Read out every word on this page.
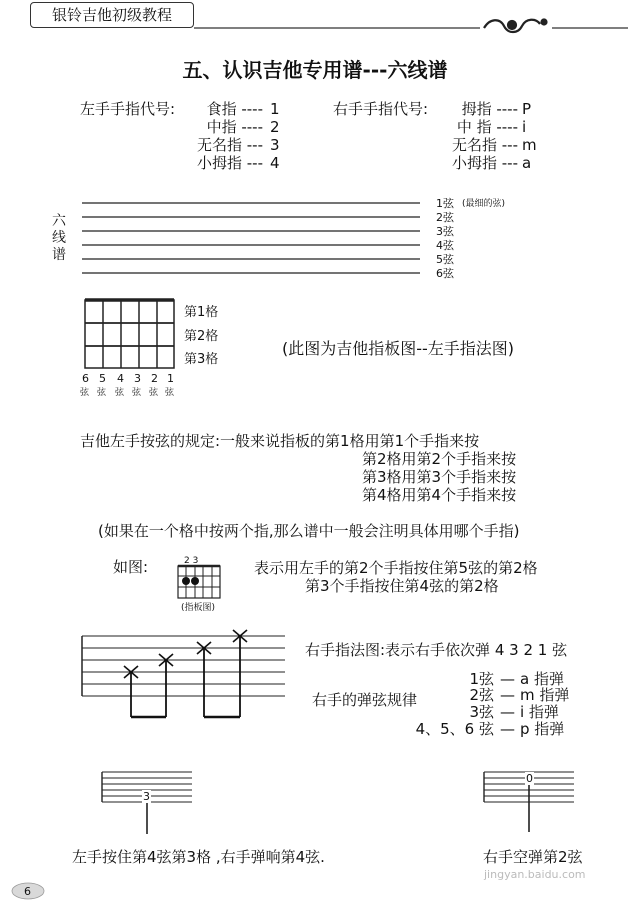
银铃吉他初级教程
五、认识吉他专用谱---六线谱
左手手指代号:	食指 ---- 1
中指 ---- 2
无名指 --- 3
小拇指 --- 4
右手手指代号:	拇指 ---- P
中 指 ---- i
无名指 --- m
小拇指 --- a
六
线
谱
1弦 (最细的弦)
2弦
3弦
4弦
5弦
6弦
第1格
第2格
第3格
(此图为吉他指板图--左手指法图)
6 5 4 3 2 1
弦 弦 弦 弦 弦 弦
吉他左手按弦的规定:一般来说指板的第1格用第1个手指来按
第2格用第2个手指来按
第3格用第3个手指来按
第4格用第4个手指来按
(如果在一个格中按两个指,那么谱中一般会注明具体用哪个手指)
如图:	2 3
(指板图)
表示用左手的第2个手指按住第5弦的第2格
第3个手指按住第4弦的第2格
右手指法图:表示右手依次弹 4 3 2 1 弦
右手的弹弦规律
1弦 — a 指弹
2弦 — m 指弹
3弦 — i 指弹
4、5、6 弦 — p 指弹
3
0
左手按住第4弦第3格 ,右手弹响第4弦.	右手空弹第2弦
jingyan.baidu.com
6
